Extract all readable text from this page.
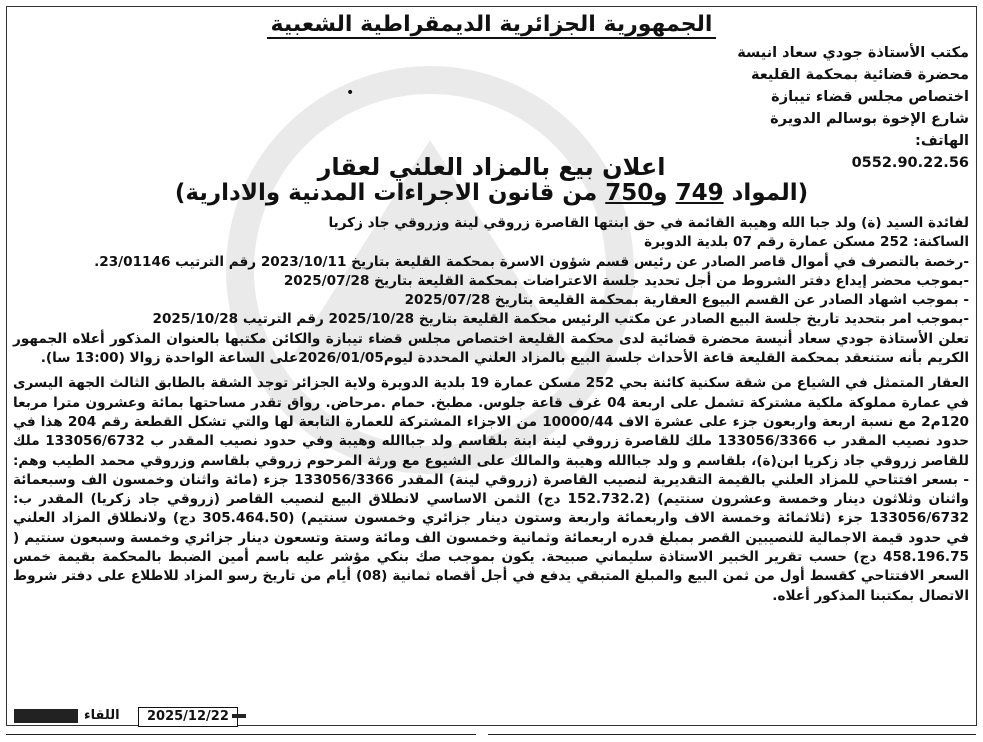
الجمهورية الجزائرية الديمقراطية الشعبية
مكتب الأستاذة جودي سعاد انيسة
محضرة قضائية بمحكمة القليعة
اختصاص مجلس قضاء تيبازة
شارع الإخوة بوسالم الدويرة
الهاتف:
0552.90.22.56
•
اعلان بيع بالمزاد العلني لعقار
(المواد 749 و750 من قانون الاجراءات المدنية والادارية)

لفائدة السيد (ة) ولد جبا الله وهيبة القائمة في حق ابنتها القاصرة زروقي لينة وزروقي جاد زكريا

الساكنة: 252 مسكن عمارة رقم 07 بلدية الدويرة

-رخصة بالتصرف في أموال قاصر الصادر عن رئيس قسم شؤون الاسرة بمحكمة القليعة بتاريخ 2023/10/11 رقم الترتيب 23/01146.

-بموجب محضر إيداع دفتر الشروط من أجل تحديد جلسة الاعتراضات بمحكمة القليعة بتاريخ 2025/07/28

- بموجب اشهاد الصادر عن القسم البيوع العقارية بمحكمة القليعة بتاريخ 2025/07/28

-بموجب امر بتحديد تاريخ جلسة البيع الصادر عن مكتب الرئيس محكمة القليعة بتاريخ 2025/10/28 رقم الترتيب 2025/10/28

تعلن الأستاذة جودي سعاد أنيسة محضرة قضائية لدى محكمة القليعة اختصاص مجلس قضاء تيبازة والكائن مكتبها بالعنوان المذكور أعلاه الجمهور الكريم بأنه ستنعقد بمحكمة القليعة قاعة الأحداث جلسة البيع بالمزاد العلني المحددة ليوم2026/01/05على الساعة الواحدة زوالا (13:00 سا).

العقار المتمثل في الشياع من شقة سكنية كائنة بحي 252 مسكن عمارة 19 بلدية الدويرة ولاية الجزائر توجد الشقة بالطابق الثالث الجهة اليسرى في عمارة مملوكة ملكية مشتركة تشمل على اربعة 04 غرف قاعة جلوس. مطبخ. حمام .مرحاض. رواق تقدر مساحتها بمائة وعشرون مترا مربعا 120م2 مع نسبة اربعة واربعون جزء على عشرة الاف 10000/44 من الاجزاء المشتركة للعمارة التابعة لها والتي تشكل القطعة رقم 204 هذا في حدود نصيب المقدر ب 133056/3366 ملك للقاصرة زروقي لينة ابنة بلقاسم ولد جباالله وهيبة وفي حدود نصيب المقدر ب 133056/6732 ملك للقاصر زروقي جاد زكريا ابن(ة)، بلقاسم و ولد جباالله وهيبة والمالك على الشيوع مع ورثة المرحوم زروقي بلقاسم وزروقي محمد الطيب وهم: - بسعر افتتاحي للمزاد العلني بالقيمة التقديرية لنصيب القاصرة (زروقي لينة) المقدر 133056/3366 جزء (مائة واثنان وخمسون الف وسبعمائة واثنان وثلاثون دينار وخمسة وعشرون سنتيم) (152.732.2 دج) الثمن الاساسي لانطلاق البيع لنصيب القاصر (زروقي جاد زكريا) المقدر ب: 133056/6732 جزء (ثلاثمائة وخمسة الاف واربعمائة واربعة وستون دينار جزائري وخمسون سنتيم) (305.464.50 دج) ولانطلاق المزاد العلني في حدود قيمة الاجمالية للنصيبين القصر بمبلغ قدره اربعمائة وثمانية وخمسون الف ومائة وستة وتسعون دينار جزائري وخمسة وسبعون سنتيم ( 458.196.75 دج) حسب تقرير الخبير الاستاذة سليماني صبيحة. يكون بموجب صك بنكي مؤشر عليه باسم أمين الضبط بالمحكمة بقيمة خمس السعر الافتتاحي كقسط أول من ثمن البيع والمبلغ المتبقي يدفع في أجل أقصاه ثمانية (08) أيام من تاريخ رسو المزاد للاطلاع على دفتر شروط الاتصال بمكتبنا المذكور أعلاه.

اللقاء	2025/12/22
